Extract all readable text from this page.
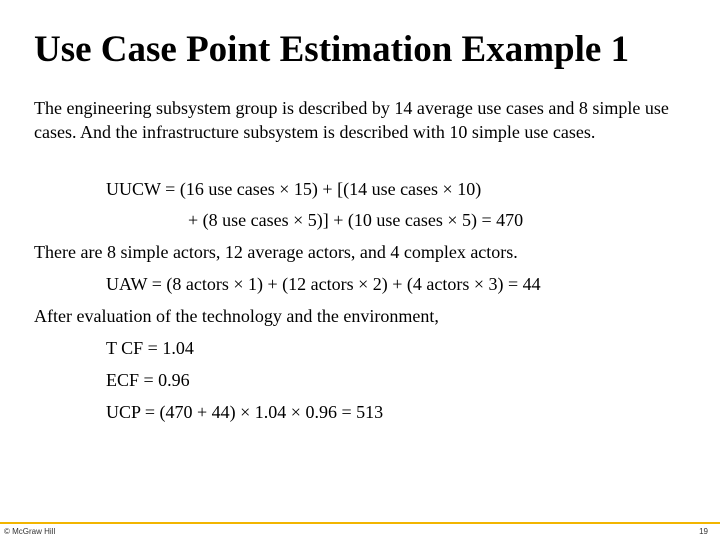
Use Case Point Estimation Example 1
The engineering subsystem group is described by 14 average use cases and 8 simple use cases. And the infrastructure subsystem is described with 10 simple use cases.
UUCW = (16 use cases × 15) + [(14 use cases × 10)
+ (8 use cases × 5)] + (10 use cases × 5) = 470
There are 8 simple actors, 12 average actors, and 4 complex actors.
UAW = (8 actors × 1) + (12 actors × 2) + (4 actors × 3) = 44
After evaluation of the technology and the environment,
T CF = 1.04
ECF = 0.96
UCP = (470 + 44) × 1.04 × 0.96 = 513
© McGraw Hill	19
